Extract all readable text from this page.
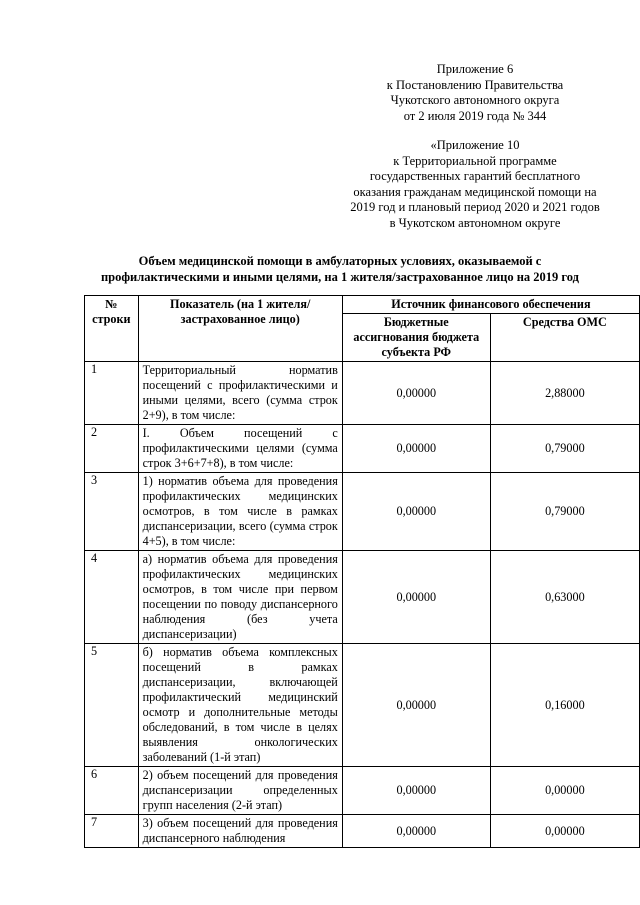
Приложение 6
к Постановлению Правительства
Чукотского автономного округа
от 2 июля 2019 года № 344
«Приложение 10
к Территориальной программе
государственных гарантий бесплатного
оказания гражданам медицинской помощи на
2019 год и плановый период 2020 и 2021 годов
в Чукотском автономном округе
Объем медицинской помощи в амбулаторных условиях, оказываемой с
профилактическими и иными целями, на 1 жителя/застрахованное лицо на 2019 год
№ строки	Показатель (на 1 жителя/застрахованное лицо)	Источник финансового обеспечения	
		Бюджетные ассигнования бюджета субъекта РФ	Средства ОМС
1	Территориальный норматив посещений с профилактическими и иными целями, всего (сумма строк 2+9), в том числе:	0,00000	2,88000
2	I. Объем посещений с профилактическими целями (сумма строк 3+6+7+8), в том числе:	0,00000	0,79000
3	1) норматив объема для проведения профилактических медицинских осмотров, в том числе в рамках диспансеризации, всего (сумма строк 4+5), в том числе:	0,00000	0,79000
4	а) норматив объема для проведения профилактических медицинских осмотров, в том числе при первом посещении по поводу диспансерного наблюдения (без учета диспансеризации)	0,00000	0,63000
5	б) норматив объема комплексных посещений в рамках диспансеризации, включающей профилактический медицинский осмотр и дополнительные методы обследований, в том числе в целях выявления онкологических заболеваний (1-й этап)	0,00000	0,16000
6	2) объем посещений для проведения диспансеризации определенных групп населения (2-й этап)	0,00000	0,00000
7	3) объем посещений для проведения диспансерного наблюдения	0,00000	0,00000
